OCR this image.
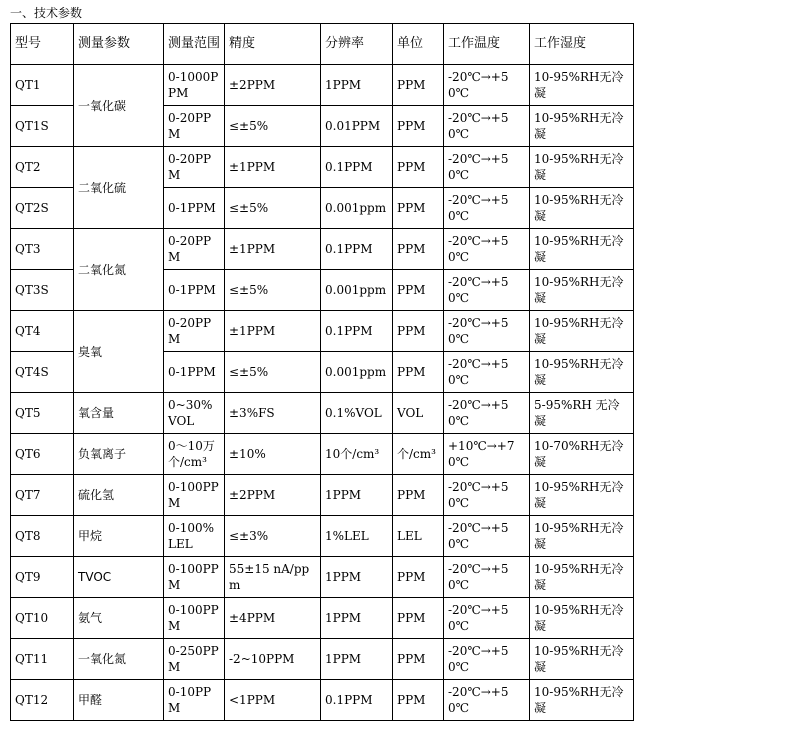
一、技术参数
型号	测量参数	测量范围	精度	分辨率	单位	工作温度	工作湿度
QT1	一氧化碳	0-1000PPM	±2PPM	1PPM	PPM	-20℃→+50℃	10-95%RH无冷凝
QT1S		0-20PPM	≤±5%	0.01PPM	PPM	-20℃→+50℃	10-95%RH无冷凝
QT2	二氧化硫	0-20PPM	±1PPM	0.1PPM	PPM	-20℃→+50℃	10-95%RH无冷凝
QT2S		0-1PPM	≤±5%	0.001ppm	PPM	-20℃→+50℃	10-95%RH无冷凝
QT3	二氧化氮	0-20PPM	±1PPM	0.1PPM	PPM	-20℃→+50℃	10-95%RH无冷凝
QT3S		0-1PPM	≤±5%	0.001ppm	PPM	-20℃→+50℃	10-95%RH无冷凝
QT4	臭氧	0-20PPM	±1PPM	0.1PPM	PPM	-20℃→+50℃	10-95%RH无冷凝
QT4S		0-1PPM	≤±5%	0.001ppm	PPM	-20℃→+50℃	10-95%RH无冷凝
QT5	氧含量	0~30%VOL	±3%FS	0.1%VOL	VOL	-20℃→+50℃	5-95%RH 无冷凝
QT6	负氧离子	0～10万 个/cm³	±10%	10个/cm³	个/cm³	+10℃→+70℃	10-70%RH无冷凝
QT7	硫化氢	0-100PPM	±2PPM	1PPM	PPM	-20℃→+50℃	10-95%RH无冷凝
QT8	甲烷	0-100%LEL	≤±3%	1%LEL	LEL	-20℃→+50℃	10-95%RH无冷凝
QT9	TVOC	0-100PPM	55±15 nA/ppm	1PPM	PPM	-20℃→+50℃	10-95%RH无冷凝
QT10	氨气	0-100PPM	±4PPM	1PPM	PPM	-20℃→+50℃	10-95%RH无冷凝
QT11	一氧化氮	0-250PPM	-2~10PPM	1PPM	PPM	-20℃→+50℃	10-95%RH无冷凝
QT12	甲醛	0-10PPM	<1PPM	0.1PPM	PPM	-20℃→+50℃	10-95%RH无冷凝
